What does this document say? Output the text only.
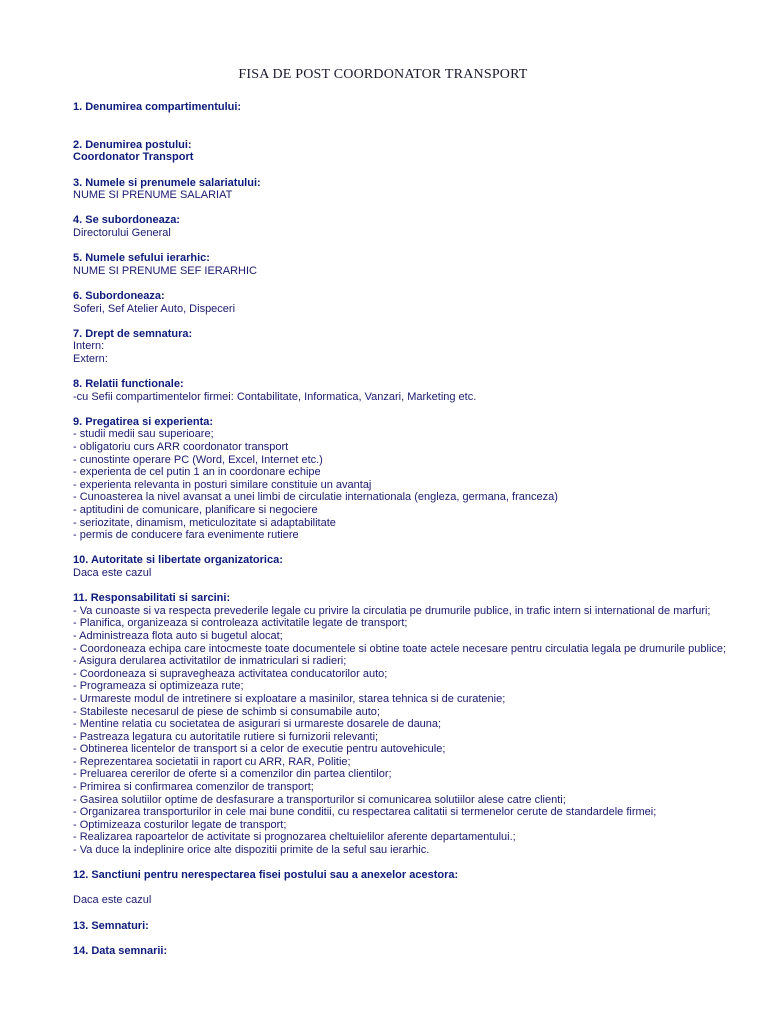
FISA DE POST COORDONATOR TRANSPORT
1. Denumirea compartimentului:
2. Denumirea postului:
Coordonator Transport
3. Numele si prenumele salariatului:
NUME SI PRENUME SALARIAT
4. Se subordoneaza:
Directorului General
5. Numele sefului ierarhic:
NUME SI PRENUME SEF IERARHIC
6. Subordoneaza:
Soferi, Sef Atelier Auto, Dispeceri
7. Drept de semnatura:
Intern:
Extern:
8. Relatii functionale:
-cu Sefii compartimentelor firmei: Contabilitate, Informatica, Vanzari, Marketing etc.
9. Pregatirea si experienta:
- studii medii sau superioare;
- obligatoriu curs ARR coordonator transport
- cunostinte operare PC (Word, Excel, Internet etc.)
- experienta de cel putin 1 an in coordonare echipe
- experienta relevanta in posturi similare constituie un avantaj
- Cunoasterea la nivel avansat a unei limbi de circulatie internationala (engleza, germana, franceza)
- aptitudini de comunicare, planificare si negociere
- seriozitate, dinamism, meticulozitate si adaptabilitate
- permis de conducere fara evenimente rutiere
10. Autoritate si libertate organizatorica:
Daca este cazul
11. Responsabilitati si sarcini:
- Va cunoaste si va respecta prevederile legale cu privire la circulatia pe drumurile publice, in trafic intern si international de marfuri;
- Planifica, organizeaza si controleaza activitatile legate de transport;
- Administreaza flota auto si bugetul alocat;
- Coordoneaza echipa care intocmeste toate documentele si obtine toate actele necesare pentru circulatia legala pe drumurile publice;
- Asigura derularea activitatilor de inmatriculari si radieri;
- Coordoneaza si supravegheaza activitatea conducatorilor auto;
- Programeaza si optimizeaza rute;
- Urmareste modul de intretinere si exploatare a masinilor, starea tehnica si de curatenie;
- Stabileste necesarul de piese de schimb si consumabile auto;
- Mentine relatia cu societatea de asigurari si urmareste dosarele de dauna;
- Pastreaza legatura cu autoritatile rutiere si furnizorii relevanti;
- Obtinerea licentelor de transport si a celor de executie pentru autovehicule;
- Reprezentarea societatii in raport cu ARR, RAR, Politie;
- Preluarea cererilor de oferte si a comenzilor din partea clientilor;
- Primirea si confirmarea comenzilor de transport;
- Gasirea solutiilor optime de desfasurare a transporturilor si comunicarea solutiilor alese catre clienti;
- Organizarea transporturilor in cele mai bune conditii, cu respectarea calitatii si termenelor cerute de standardele firmei;
- Optimizeaza costurilor legate de transport;
- Realizarea rapoartelor de activitate si prognozarea cheltuielilor aferente departamentului.;
- Va duce la indeplinire orice alte dispozitii primite de la seful sau ierarhic.
12. Sanctiuni pentru nerespectarea fisei postului sau a anexelor acestora:
Daca este cazul
13. Semnaturi:
14. Data semnarii:
